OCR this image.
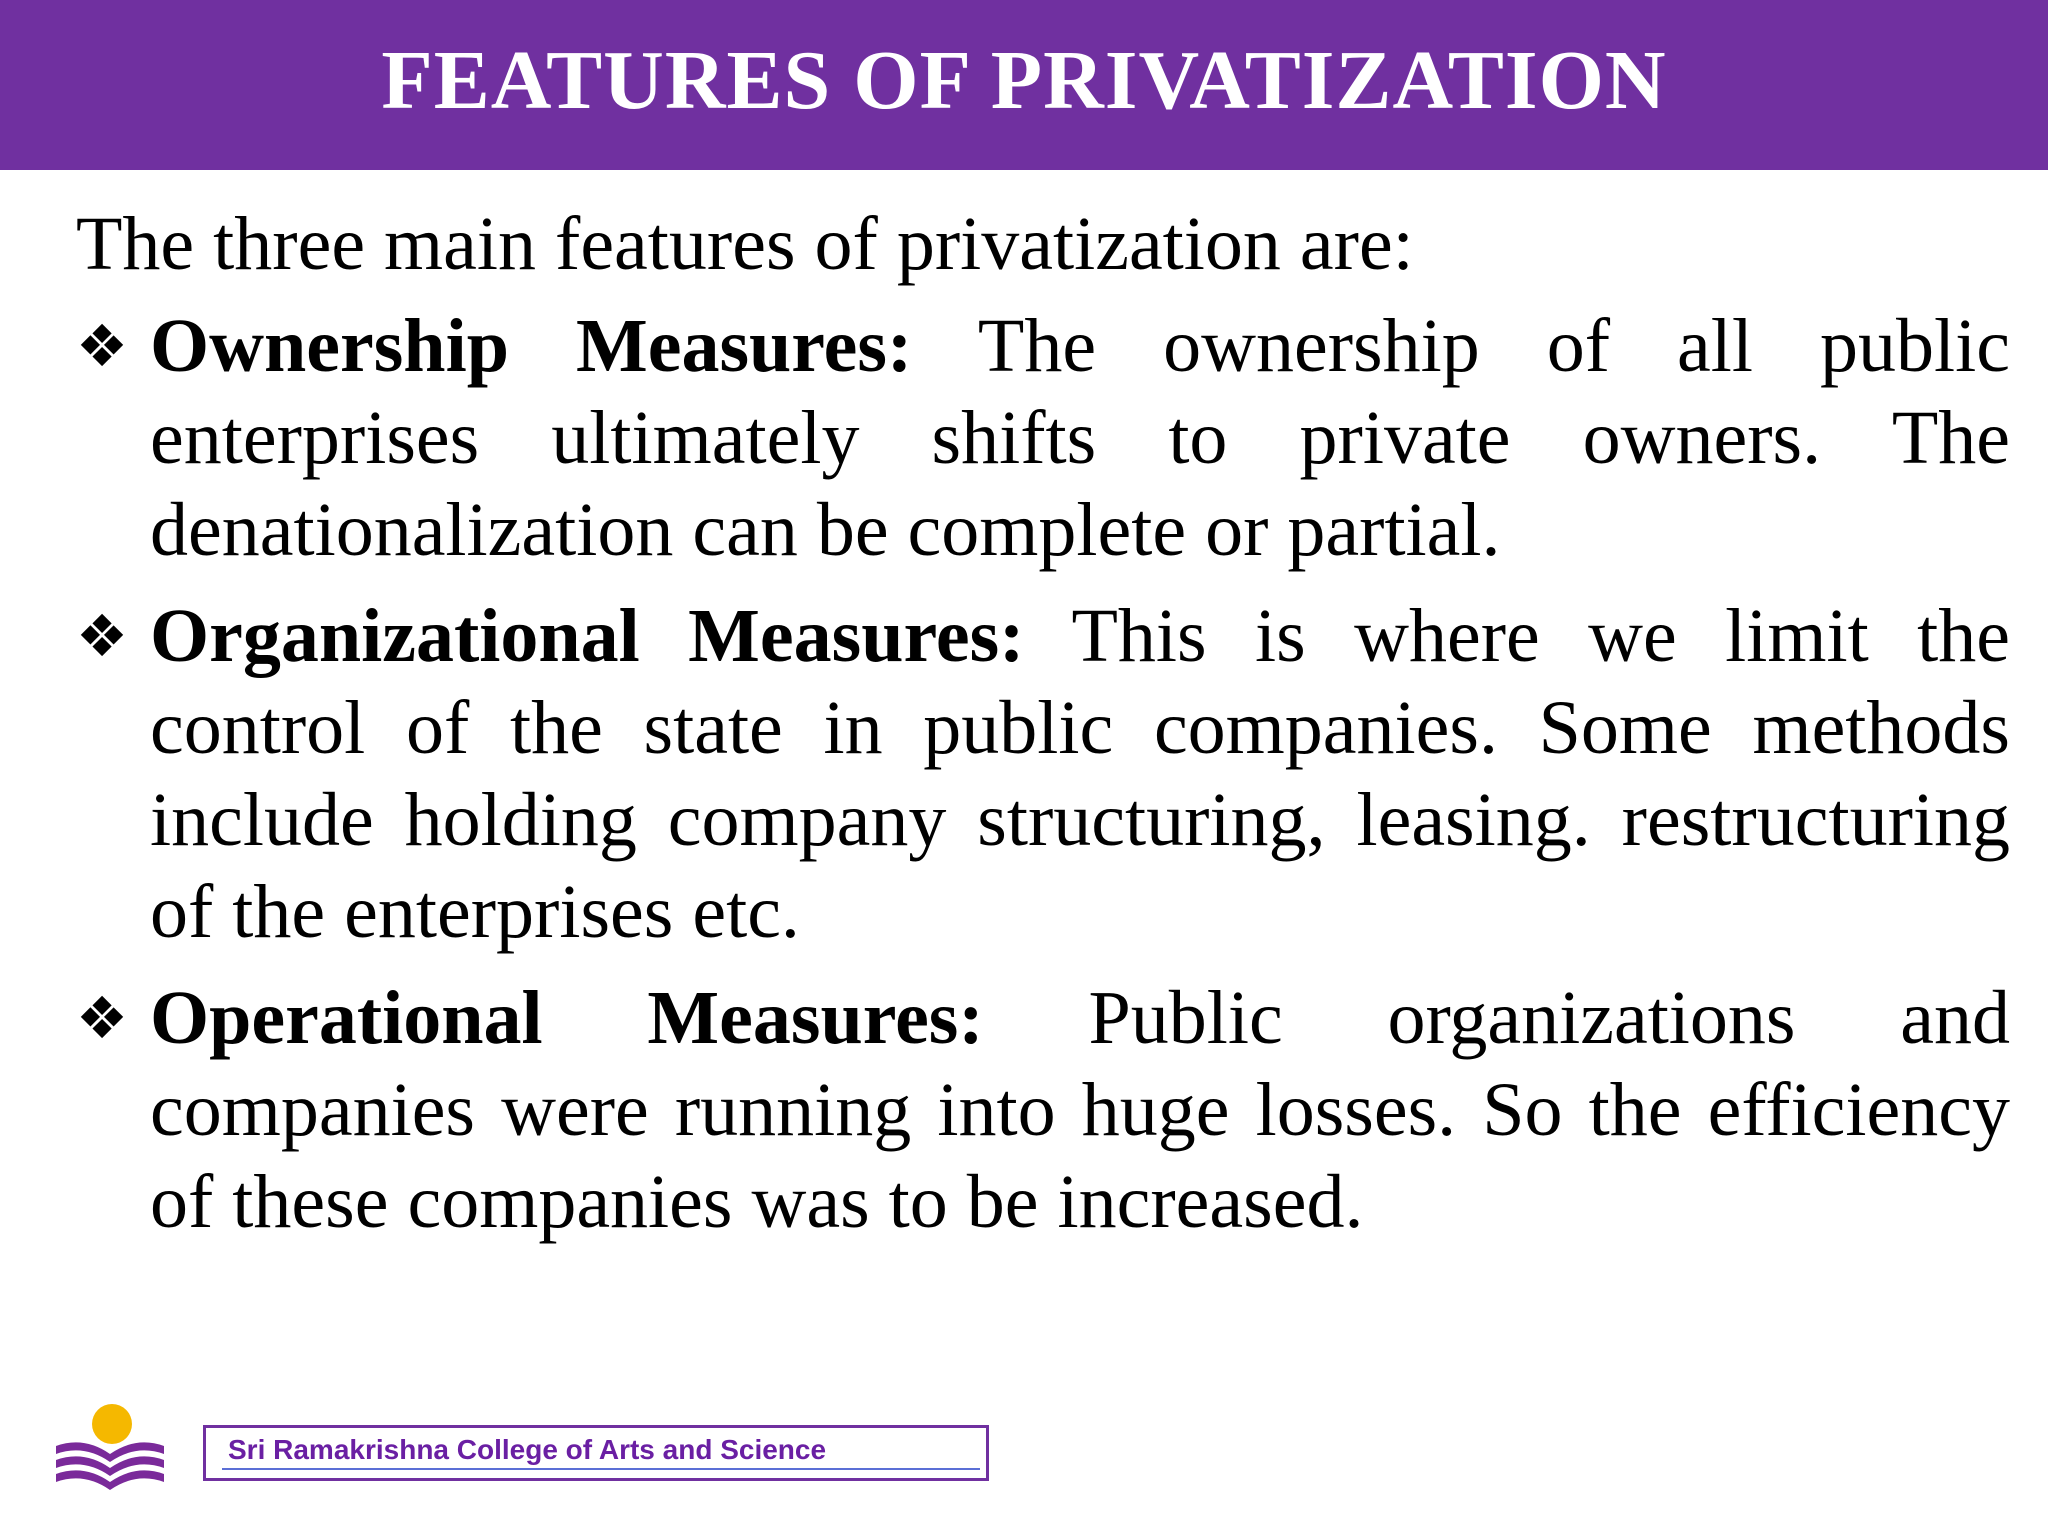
FEATURES OF PRIVATIZATION

The three main features of privatization are:

❖ Ownership Measures: The ownership of all public enterprises ultimately shifts to private owners. The denationalization can be complete or partial.
❖ Organizational Measures: This is where we limit the control of the state in public companies. Some methods include holding company structuring, leasing. restructuring of the enterprises etc.
❖ Operational Measures: Public organizations and companies were running into huge losses. So the efficiency of these companies was to be increased.
Sri Ramakrishna College of Arts and Science
